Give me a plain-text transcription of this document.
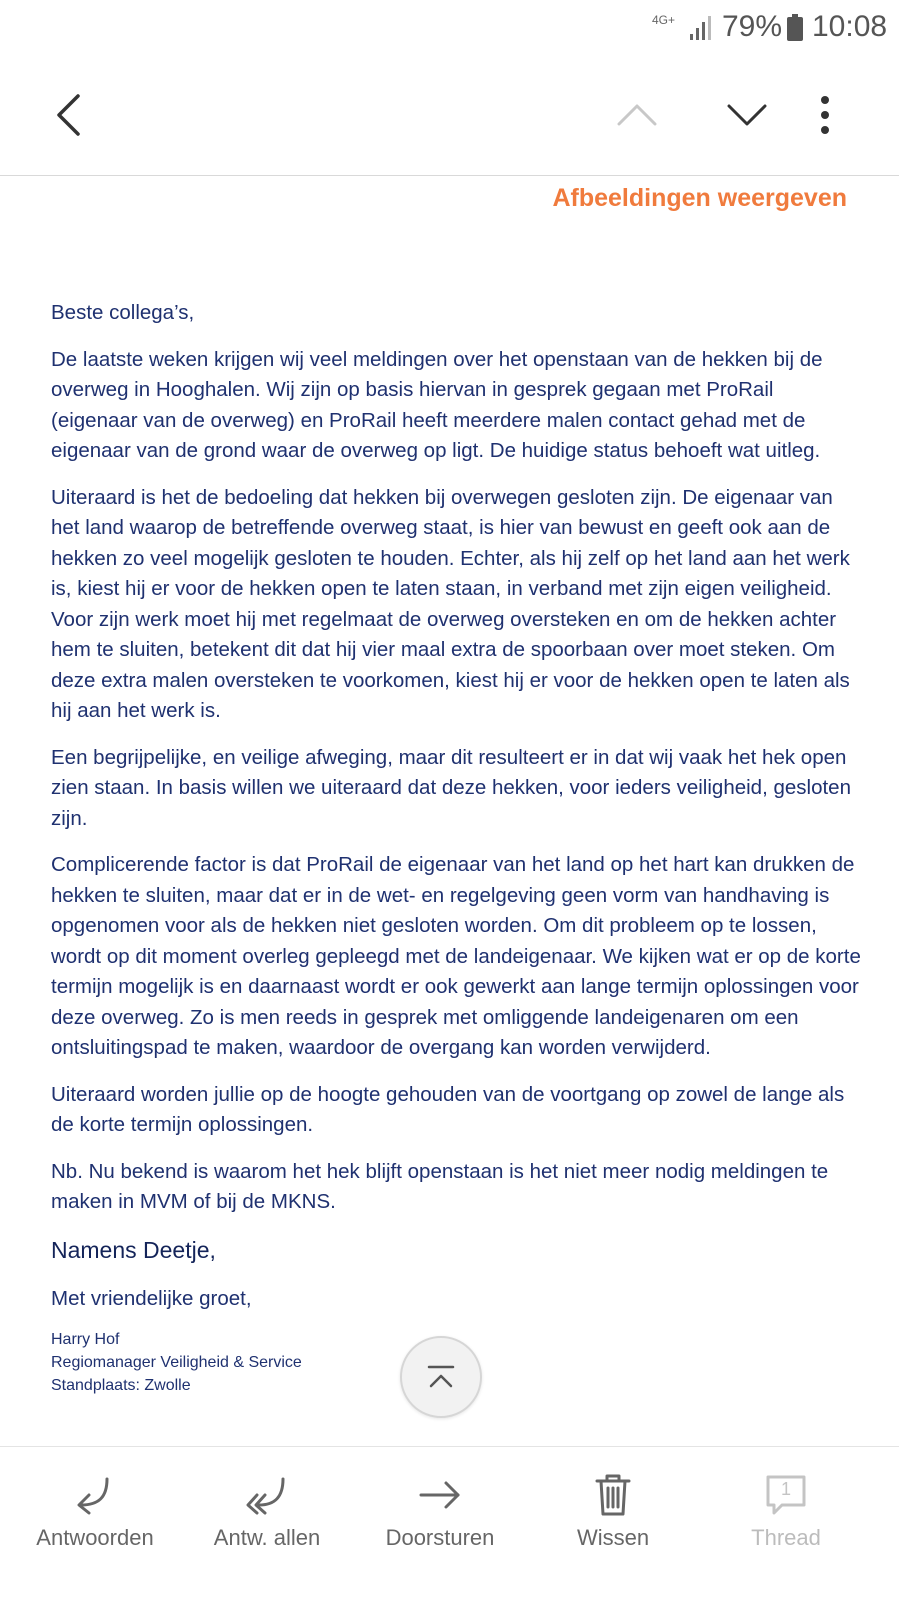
4G+ 79% 10:08
Afbeeldingen weergeven

Beste collega’s,

De laatste weken krijgen wij veel meldingen over het openstaan van de hekken bij de overweg in Hooghalen. Wij zijn op basis hiervan in gesprek gegaan met ProRail (eigenaar van de overweg) en ProRail heeft meerdere malen contact gehad met de eigenaar van de grond waar de overweg op ligt. De huidige status behoeft wat uitleg.

Uiteraard is het de bedoeling dat hekken bij overwegen gesloten zijn. De eigenaar van het land waarop de betreffende overweg staat, is hier van bewust en geeft ook aan de hekken zo veel mogelijk gesloten te houden. Echter, als hij zelf op het land aan het werk is, kiest hij er voor de hekken open te laten staan, in verband met zijn eigen veiligheid. Voor zijn werk moet hij met regelmaat de overweg oversteken en om de hekken achter hem te sluiten, betekent dit dat hij vier maal extra de spoorbaan over moet steken. Om deze extra malen oversteken te voorkomen, kiest hij er voor de hekken open te laten als hij aan het werk is.

Een begrijpelijke, en veilige afweging, maar dit resulteert er in dat wij vaak het hek open zien staan. In basis willen we uiteraard dat deze hekken, voor ieders veiligheid, gesloten zijn.

Complicerende factor is dat ProRail de eigenaar van het land op het hart kan drukken de hekken te sluiten, maar dat er in de wet- en regelgeving geen vorm van handhaving is opgenomen voor als de hekken niet gesloten worden. Om dit probleem op te lossen, wordt op dit moment overleg gepleegd met de landeigenaar. We kijken wat er op de korte termijn mogelijk is en daarnaast wordt er ook gewerkt aan lange termijn oplossingen voor deze overweg. Zo is men reeds in gesprek met omliggende landeigenaren om een ontsluitingspad te maken, waardoor de overgang kan worden verwijderd.

Uiteraard worden jullie op de hoogte gehouden van de voortgang op zowel de lange als de korte termijn oplossingen.

Nb. Nu bekend is waarom het hek blijft openstaan is het niet meer nodig meldingen te maken in MVM of bij de MKNS.

Namens Deetje,
Met vriendelijke groet,
Harry Hof
Regiomanager Veiligheid & Service
Standplaats: Zwolle
Antwoorden	Antw. allen	Doorsturen	Wissen
1
Thread
